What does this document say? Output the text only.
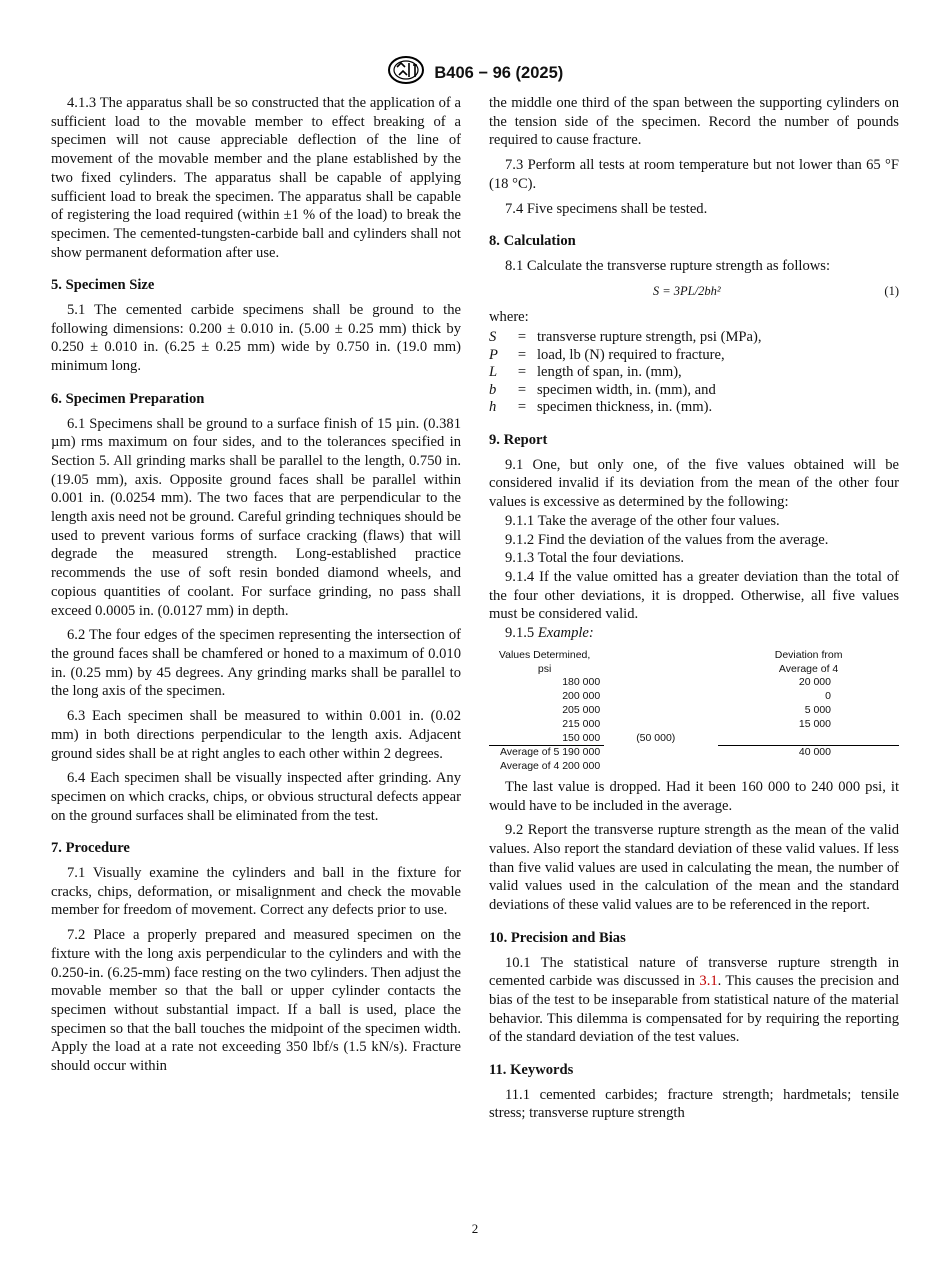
B406 − 96 (2025)

4.1.3 The apparatus shall be so constructed that the application of a sufficient load to the movable member to effect breaking of a specimen will not cause appreciable deflection of the line of movement of the movable member and the plane established by the two fixed cylinders. The apparatus shall be capable of applying sufficient load to break the specimen. The apparatus shall be capable of registering the load required (within ±1 % of the load) to break the specimen. The cemented-tungsten-carbide ball and cylinders shall not show permanent deformation after use.

5. Specimen Size

5.1 The cemented carbide specimens shall be ground to the following dimensions: 0.200 ± 0.010 in. (5.00 ± 0.25 mm) thick by 0.250 ± 0.010 in. (6.25 ± 0.25 mm) wide by 0.750 in. (19.0 mm) minimum long.

6. Specimen Preparation

6.1 Specimens shall be ground to a surface finish of 15 µin. (0.381 µm) rms maximum on four sides, and to the tolerances specified in Section 5. All grinding marks shall be parallel to the length, 0.750 in. (19.05 mm), axis. Opposite ground faces shall be parallel within 0.001 in. (0.0254 mm). The two faces that are perpendicular to the length axis need not be ground. Careful grinding techniques should be used to prevent various forms of surface cracking (flaws) that will degrade the measured strength. Long-established practice recommends the use of soft resin bonded diamond wheels, and copious quantities of coolant. For surface grinding, no pass shall exceed 0.0005 in. (0.0127 mm) in depth.

6.2 The four edges of the specimen representing the intersection of the ground faces shall be chamfered or honed to a maximum of 0.010 in. (0.25 mm) by 45 degrees. Any grinding marks shall be parallel to the long axis of the specimen.

6.3 Each specimen shall be measured to within 0.001 in. (0.02 mm) in both directions perpendicular to the length axis. Adjacent ground sides shall be at right angles to each other within 2 degrees.

6.4 Each specimen shall be visually inspected after grinding. Any specimen on which cracks, chips, or obvious structural defects appear on the ground surfaces shall be eliminated from the test.

7. Procedure

7.1 Visually examine the cylinders and ball in the fixture for cracks, chips, deformation, or misalignment and check the movable member for freedom of movement. Correct any defects prior to use.

7.2 Place a properly prepared and measured specimen on the fixture with the long axis perpendicular to the cylinders and with the 0.250-in. (6.25-mm) face resting on the two cylinders. Then adjust the movable member so that the ball or upper cylinder contacts the specimen without substantial impact. If a ball is used, place the specimen so that the ball touches the midpoint of the specimen width. Apply the load at a rate not exceeding 350 lbf/s (1.5 kN/s). Fracture should occur within

the middle one third of the span between the supporting cylinders on the tension side of the specimen. Record the number of pounds required to cause fracture.

7.3 Perform all tests at room temperature but not lower than 65 °F (18 °C).

7.4 Five specimens shall be tested.

8. Calculation

8.1 Calculate the transverse rupture strength as follows:

S = 3PL/2bh²	(1)

where:

S	= transverse rupture strength, psi (MPa),
P	= load, lb (N) required to fracture,
L	= length of span, in. (mm),
b	= specimen width, in. (mm), and
h	= specimen thickness, in. (mm).
9. Report

9.1 One, but only one, of the five values obtained will be considered invalid if its deviation from the mean of the other four values is excessive as determined by the following:

9.1.1 Take the average of the other four values.

9.1.2 Find the deviation of the values from the average.

9.1.3 Total the four deviations.

9.1.4 If the value omitted has a greater deviation than the total of the four other deviations, it is dropped. Otherwise, all five values must be considered valid.

9.1.5 Example:

Values Determined,
psi		Deviation from
Average of 4
180 000		20 000
200 000		0
205 000		5 000
215 000		15 000
150 000	(50 000)	
Average of 5 190 000		40 000
Average of 4 200 000		

The last value is dropped. Had it been 160 000 to 240 000 psi, it would have to be included in the average.

9.2 Report the transverse rupture strength as the mean of the valid values. Also report the standard deviation of these valid values. If less than five valid values are used in calculating the mean, the number of valid values used in the calculation of the mean and the standard deviations of these valid values are to be referenced in the report.

10. Precision and Bias

10.1 The statistical nature of transverse rupture strength in cemented carbide was discussed in 3.1. This causes the precision and bias of the test to be inseparable from statistical nature of the material behavior. This dilemma is compensated for by requiring the reporting of the standard deviation of the test values.

11. Keywords

11.1 cemented carbides; fracture strength; hardmetals; tensile stress; transverse rupture strength

2
